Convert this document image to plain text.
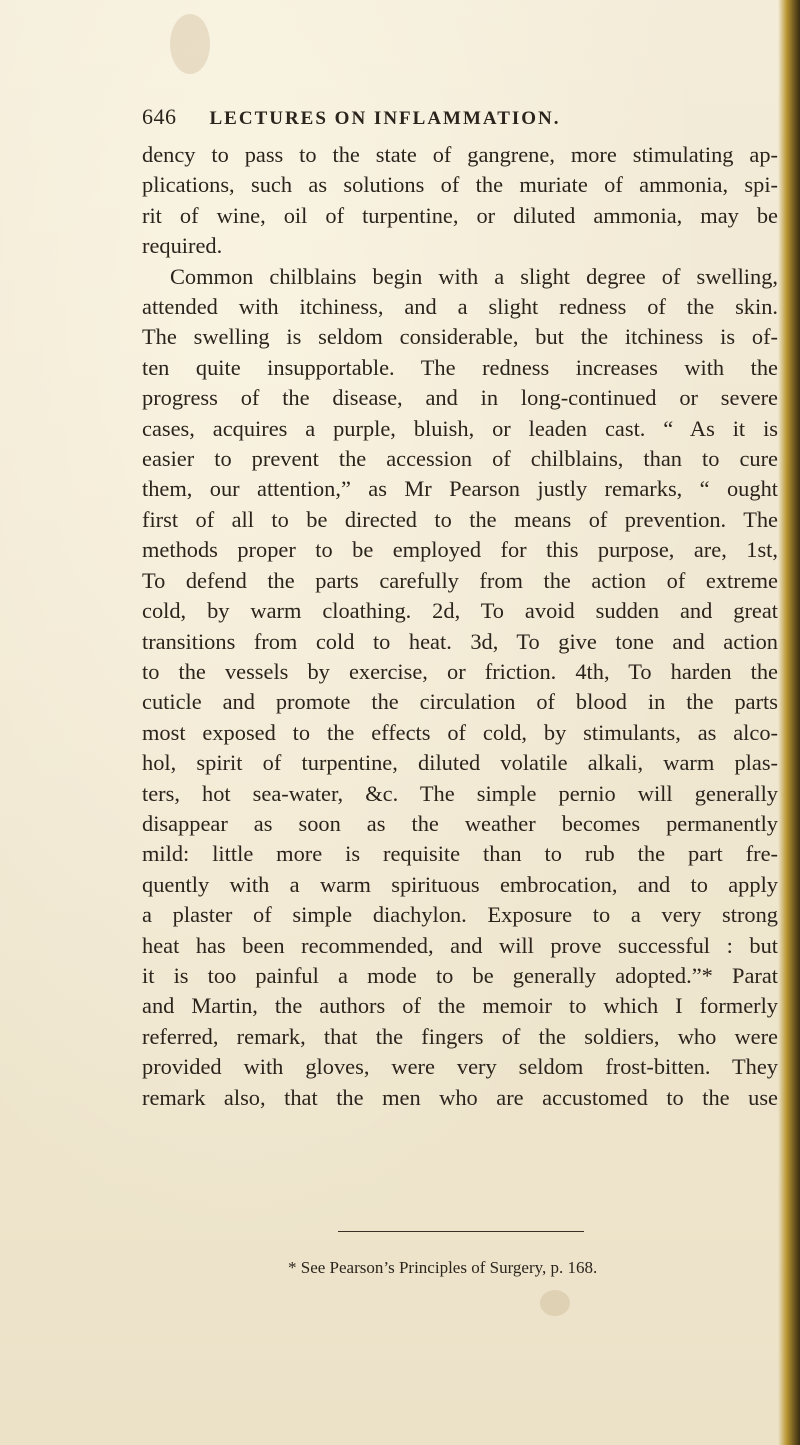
646 LECTURES ON INFLAMMATION.
dency to pass to the state of gangrene, more stimulating ap-
plications, such as solutions of the muriate of ammonia, spi-
rit of wine, oil of turpentine, or diluted ammonia, may be
required.
Common chilblains begin with a slight degree of swelling,
attended with itchiness, and a slight redness of the skin.
The swelling is seldom considerable, but the itchiness is of-
ten quite insupportable. The redness increases with the
progress of the disease, and in long-continued or severe
cases, acquires a purple, bluish, or leaden cast. “ As it is
easier to prevent the accession of chilblains, than to cure
them, our attention,” as Mr Pearson justly remarks, “ ought
first of all to be directed to the means of prevention. The
methods proper to be employed for this purpose, are, 1st,
To defend the parts carefully from the action of extreme
cold, by warm cloathing. 2d, To avoid sudden and great
transitions from cold to heat. 3d, To give tone and action
to the vessels by exercise, or friction. 4th, To harden the
cuticle and promote the circulation of blood in the parts
most exposed to the effects of cold, by stimulants, as alco-
hol, spirit of turpentine, diluted volatile alkali, warm plas-
ters, hot sea-water, &c. The simple pernio will generally
disappear as soon as the weather becomes permanently
mild: little more is requisite than to rub the part fre-
quently with a warm spirituous embrocation, and to apply
a plaster of simple diachylon. Exposure to a very strong
heat has been recommended, and will prove successful : but
it is too painful a mode to be generally adopted.”* Parat
and Martin, the authors of the memoir to which I formerly
referred, remark, that the fingers of the soldiers, who were
provided with gloves, were very seldom frost-bitten. They
remark also, that the men who are accustomed to the use
* See Pearson’s Principles of Surgery, p. 168.
